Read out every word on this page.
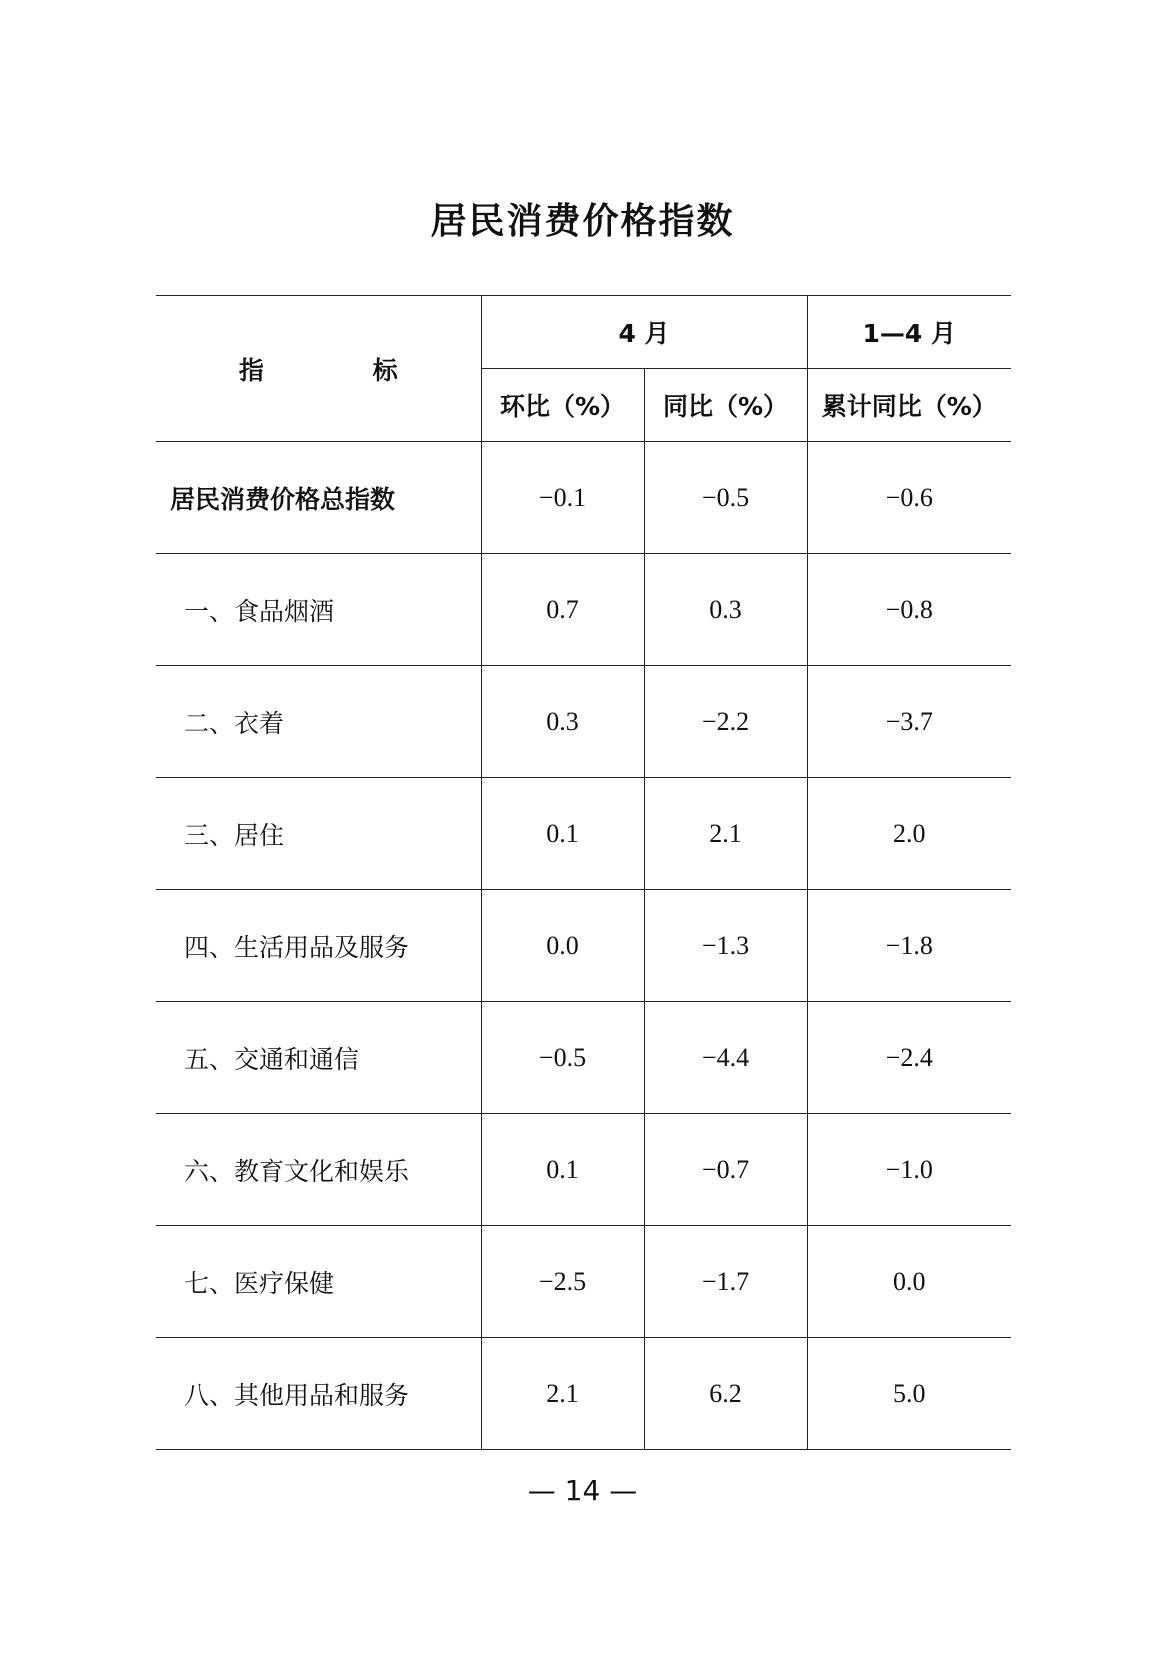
居民消费价格指数
指 标	4 月		1—4 月
	环比（%）	同比（%）	累计同比（%）
居民消费价格总指数	−0.1	−0.5	−0.6
一、食品烟酒	0.7	0.3	−0.8
二、衣着	0.3	−2.2	−3.7
三、居住	0.1	2.1	2.0
四、生活用品及服务	0.0	−1.3	−1.8
五、交通和通信	−0.5	−4.4	−2.4
六、教育文化和娱乐	0.1	−0.7	−1.0
七、医疗保健	−2.5	−1.7	0.0
八、其他用品和服务	2.1	6.2	5.0
— 14 —
